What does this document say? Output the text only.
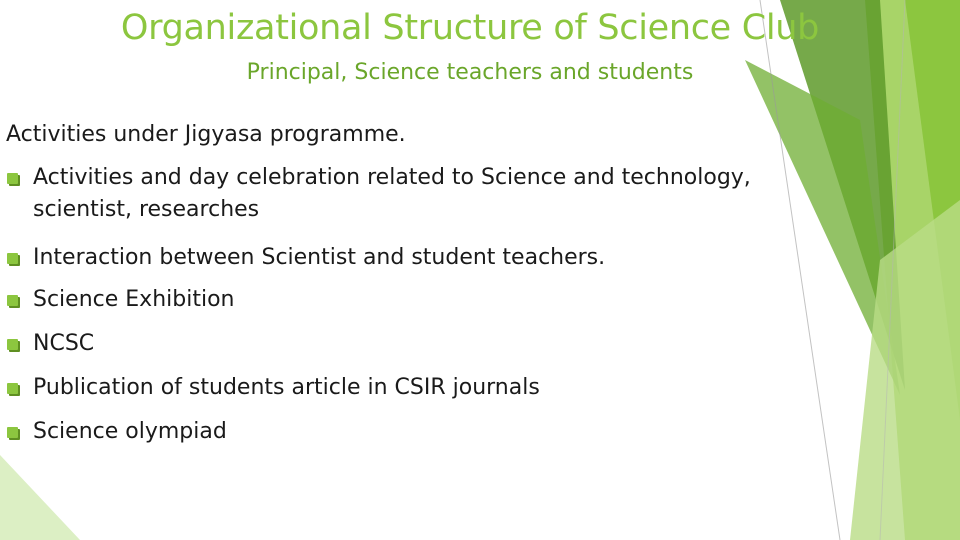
Organizational Structure of Science Club
Principal, Science teachers and students
Activities under Jigyasa programme.
Activities and day celebration related to Science and technology,
scientist, researches
Interaction between Scientist and student teachers.
Science Exhibition
NCSC
Publication of students article in CSIR journals
Science olympiad
